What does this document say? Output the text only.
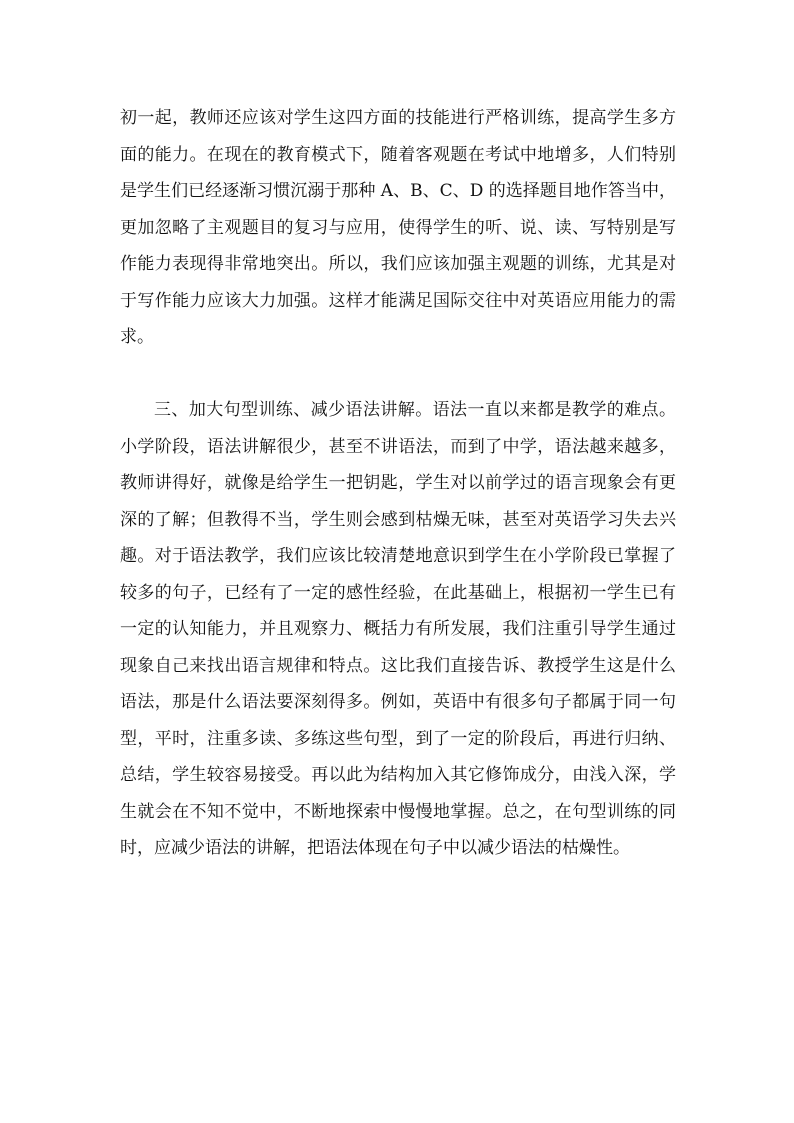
初一起，教师还应该对学生这四方面的技能进行严格训练，提高学生多方面的能力。在现在的教育模式下，随着客观题在考试中地增多，人们特别是学生们已经逐渐习惯沉溺于那种 A、B、C、D 的选择题目地作答当中，更加忽略了主观题目的复习与应用，使得学生的听、说、读、写特别是写作能力表现得非常地突出。所以，我们应该加强主观题的训练，尤其是对于写作能力应该大力加强。这样才能满足国际交往中对英语应用能力的需求。

三、加大句型训练、减少语法讲解。语法一直以来都是教学的难点。小学阶段，语法讲解很少，甚至不讲语法，而到了中学，语法越来越多，教师讲得好，就像是给学生一把钥匙，学生对以前学过的语言现象会有更深的了解；但教得不当，学生则会感到枯燥无味，甚至对英语学习失去兴趣。对于语法教学，我们应该比较清楚地意识到学生在小学阶段已掌握了较多的句子，已经有了一定的感性经验，在此基础上，根据初一学生已有一定的认知能力，并且观察力、概括力有所发展，我们注重引导学生通过现象自己来找出语言规律和特点。这比我们直接告诉、教授学生这是什么语法，那是什么语法要深刻得多。例如，英语中有很多句子都属于同一句型，平时，注重多读、多练这些句型，到了一定的阶段后，再进行归纳、总结，学生较容易接受。再以此为结构加入其它修饰成分，由浅入深，学生就会在不知不觉中，不断地探索中慢慢地掌握。总之，在句型训练的同时，应减少语法的讲解，把语法体现在句子中以减少语法的枯燥性。
